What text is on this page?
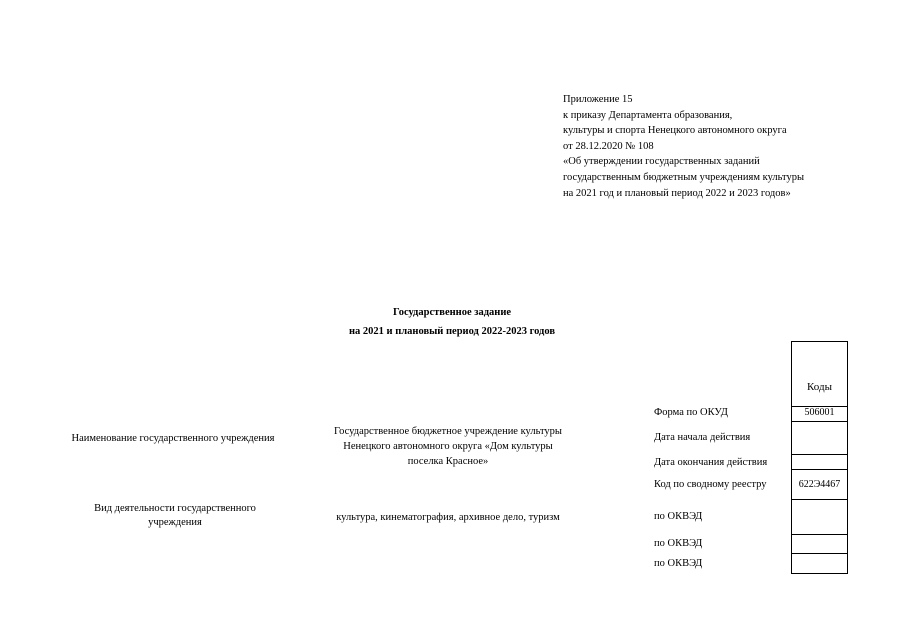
Приложение 15
к приказу Департамента образования,
культуры и спорта Ненецкого автономного округа
от 28.12.2020 № 108
«Об утверждении государственных заданий
государственным бюджетным учреждениям культуры
на 2021 год и плановый период 2022 и 2023 годов»
Государственное задание
на 2021 и плановый период 2022-2023 годов
Наименование государственного учреждения
Государственное бюджетное учреждение культуры
Ненецкого автономного округа «Дом культуры
поселка Красное»
Вид деятельности государственного
учреждения	культура, кинематография, архивное дело, туризм
Форма по ОКУД
Дата начала действия
Дата окончания действия
Код по сводному реестру
по ОКВЭД
по ОКВЭД
по ОКВЭД
Коды
506001
622Э4467
